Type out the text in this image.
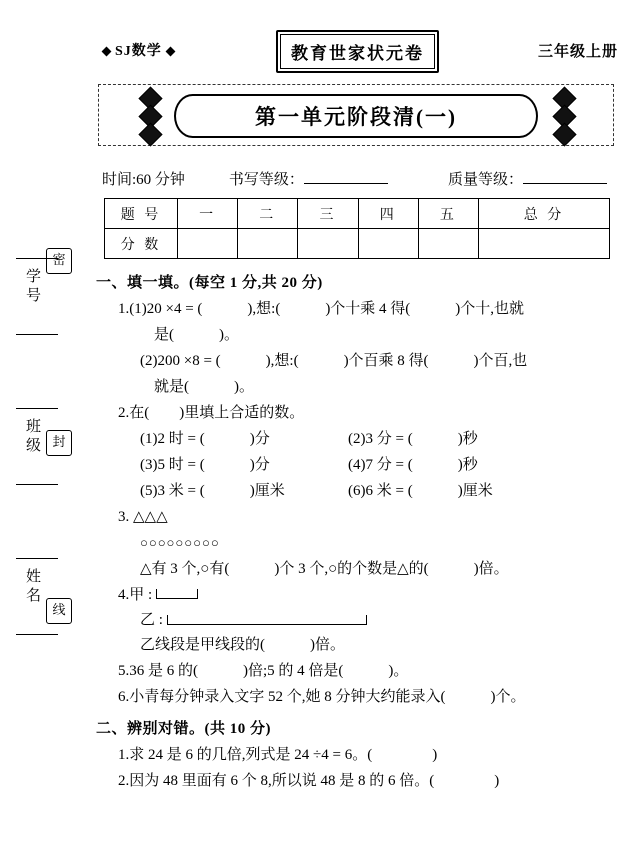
学号
班级
姓名
密
封
线
SJ数学	教育世家状元卷	三年级上册
第一单元阶段清(一)
时间:60 分钟	书写等级：	质量等级：
题 号	一	二	三	四	五	总 分
分 数						
一、填一填。(每空 1 分,共 20 分)
1.(1)20 ×4 = (　　　),想:(　　　)个十乘 4 得(　　　)个十,也就
是(　　　)。
(2)200 ×8 = (　　　),想:(　　　)个百乘 8 得(　　　)个百,也
就是(　　　)。
2.在(　　)里填上合适的数。
(1)2 时 = (　　　)分	(2)3 分 = (　　　)秒
(3)5 时 = (　　　)分	(4)7 分 = (　　　)秒
(5)3 米 = (　　　)厘米	(6)6 米 = (　　　)厘米
3. △△△
○○○○○○○○○
△有 3 个,○有(　　　)个 3 个,○的个数是△的(　　　)倍。
4.甲 :
乙 :
乙线段是甲线段的(　　　)倍。
5.36 是 6 的(　　　)倍;5 的 4 倍是(　　　)。
6.小青每分钟录入文字 52 个,她 8 分钟大约能录入(　　　)个。
二、辨别对错。(共 10 分)
1.求 24 是 6 的几倍,列式是 24 ÷4 = 6。(　　　　)
2.因为 48 里面有 6 个 8,所以说 48 是 8 的 6 倍。(　　　　)
